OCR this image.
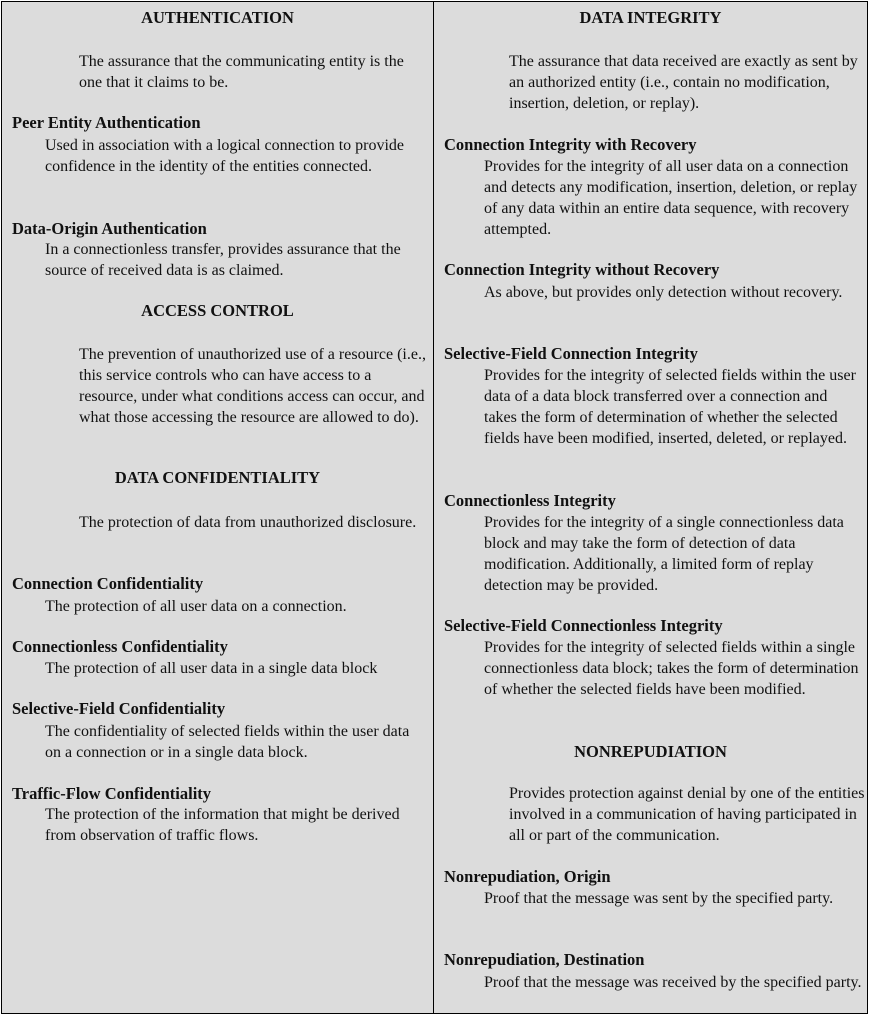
AUTHENTICATION
The assurance that the communicating entity is the one that it claims to be.
Peer Entity Authentication
Used in association with a logical connection to provide confidence in the identity of the entities connected.
Data-Origin Authentication
In a connectionless transfer, provides assurance that the source of received data is as claimed.
ACCESS CONTROL
The prevention of unauthorized use of a resource (i.e., this service controls who can have access to a resource, under what conditions access can occur, and what those accessing the resource are allowed to do).
DATA CONFIDENTIALITY
The protection of data from unauthorized disclosure.
Connection Confidentiality
The protection of all user data on a connection.
Connectionless Confidentiality
The protection of all user data in a single data block
Selective-Field Confidentiality
The confidentiality of selected fields within the user data on a connection or in a single data block.
Traffic-Flow Confidentiality
The protection of the information that might be derived from observation of traffic flows.
DATA INTEGRITY
The assurance that data received are exactly as sent by an authorized entity (i.e., contain no modification, insertion, deletion, or replay).
Connection Integrity with Recovery
Provides for the integrity of all user data on a connection and detects any modification, insertion, deletion, or replay of any data within an entire data sequence, with recovery attempted.
Connection Integrity without Recovery
As above, but provides only detection without recovery.
Selective-Field Connection Integrity
Provides for the integrity of selected fields within the user data of a data block transferred over a connection and takes the form of determination of whether the selected fields have been modified, inserted, deleted, or replayed.
Connectionless Integrity
Provides for the integrity of a single connectionless data block and may take the form of detection of data modification. Additionally, a limited form of replay detection may be provided.
Selective-Field Connectionless Integrity
Provides for the integrity of selected fields within a single connectionless data block; takes the form of determination of whether the selected fields have been modified.
NONREPUDIATION
Provides protection against denial by one of the entities involved in a communication of having participated in all or part of the communication.
Nonrepudiation, Origin
Proof that the message was sent by the specified party.
Nonrepudiation, Destination
Proof that the message was received by the specified party.
